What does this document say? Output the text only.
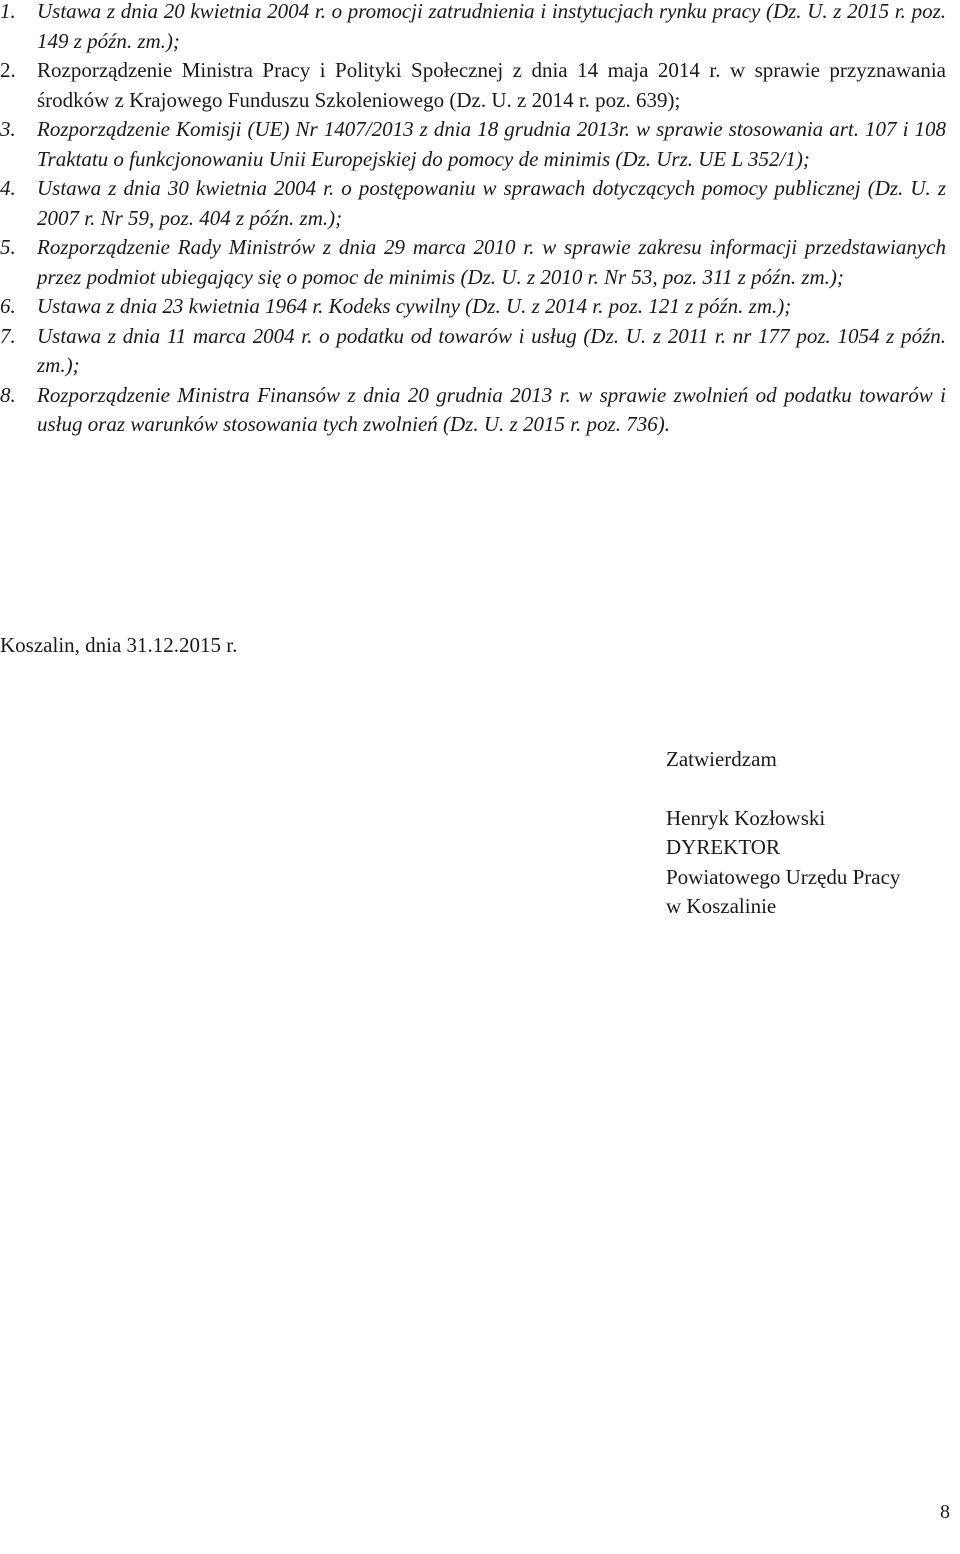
1. Ustawa z dnia 20 kwietnia 2004 r. o promocji zatrudnienia i instytucjach rynku pracy (Dz. U. z 2015 r. poz. 149 z późn. zm.);
2. Rozporządzenie Ministra Pracy i Polityki Społecznej z dnia 14 maja 2014 r. w sprawie przyznawania środków z Krajowego Funduszu Szkoleniowego (Dz. U. z 2014 r. poz. 639);
3. Rozporządzenie Komisji (UE) Nr 1407/2013 z dnia 18 grudnia 2013r. w sprawie stosowania art. 107 i 108 Traktatu o funkcjonowaniu Unii Europejskiej do pomocy de minimis (Dz. Urz. UE L 352/1);
4. Ustawa z dnia 30 kwietnia 2004 r. o postępowaniu w sprawach dotyczących pomocy publicznej (Dz. U. z 2007 r. Nr 59, poz. 404 z późn. zm.);
5. Rozporządzenie Rady Ministrów z dnia 29 marca 2010 r. w sprawie zakresu informacji przedstawianych przez podmiot ubiegający się o pomoc de minimis (Dz. U. z 2010 r. Nr 53, poz. 311 z późn. zm.);
6. Ustawa z dnia 23 kwietnia 1964 r. Kodeks cywilny (Dz. U. z 2014 r. poz. 121 z późn. zm.);
7. Ustawa z dnia 11 marca 2004 r. o podatku od towarów i usług (Dz. U. z 2011 r. nr 177 poz. 1054 z późn. zm.);
8. Rozporządzenie Ministra Finansów z dnia 20 grudnia 2013 r. w sprawie zwolnień od podatku towarów i usług oraz warunków stosowania tych zwolnień (Dz. U. z 2015 r. poz. 736).
Koszalin, dnia 31.12.2015 r.
Zatwierdzam
Henryk Kozłowski
DYREKTOR
Powiatowego Urzędu Pracy
w Koszalinie
8
